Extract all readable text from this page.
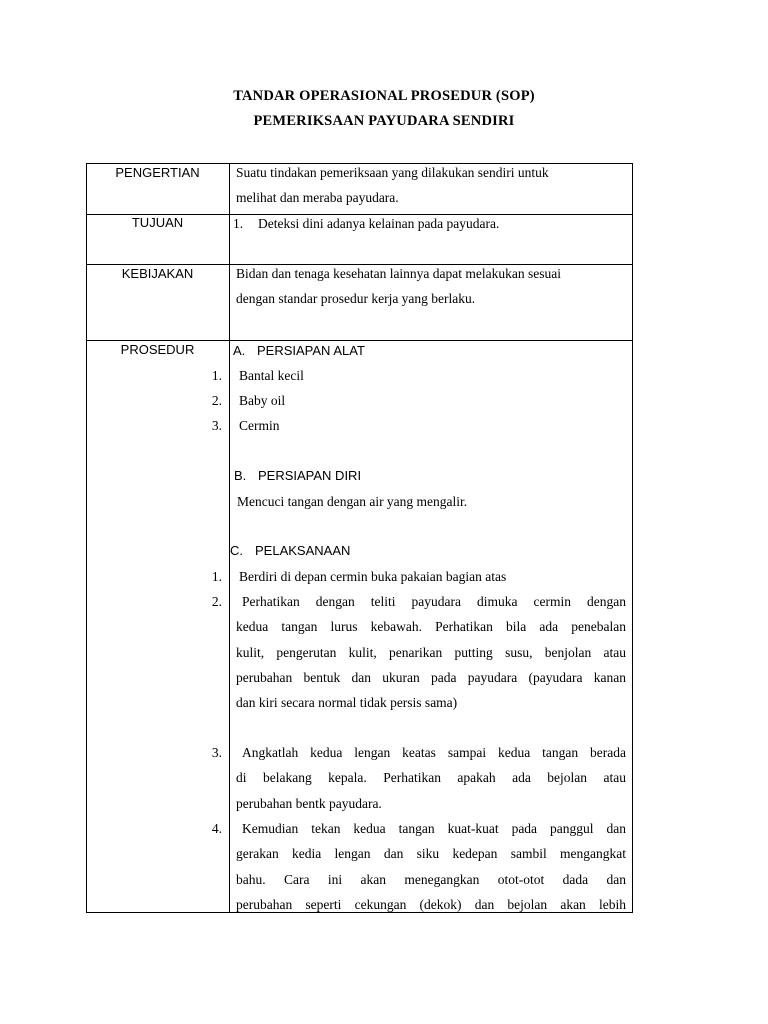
TANDAR OPERASIONAL PROSEDUR (SOP)
PEMERIKSAAN PAYUDARA SENDIRI
PENGERTIAN	Suatu tindakan pemeriksaan yang dilakukan sendiri untuk
melihat dan meraba payudara.
TUJUAN	1. Deteksi dini adanya kelainan pada payudara.
KEBIJAKAN	Bidan dan tenaga kesehatan lainnya dapat melakukan sesuai
dengan standar prosedur kerja yang berlaku.
PROSEDUR	A. PERSIAPAN ALAT
1. Bantal kecil
2. Baby oil
3. Cermin
B. PERSIAPAN DIRI
Mencuci tangan dengan air yang mengalir.
C. PELAKSANAAN
1. Berdiri di depan cermin buka pakaian bagian atas
2.	Perhatikan dengan teliti payudara dimuka cermin dengan
kedua tangan lurus kebawah. Perhatikan bila ada penebalan
kulit, pengerutan kulit, penarikan putting susu, benjolan atau
perubahan bentuk dan ukuran pada payudara (payudara kanan
dan kiri secara normal tidak persis sama)
3.	Angkatlah kedua lengan keatas sampai kedua tangan berada
di belakang kepala. Perhatikan apakah ada bejolan atau
perubahan bentk payudara.
4.	Kemudian tekan kedua tangan kuat-kuat pada panggul dan
gerakan kedia lengan dan siku kedepan sambil mengangkat
bahu. Cara ini akan menegangkan otot-otot dada dan
perubahan seperti cekungan (dekok) dan bejolan akan lebih
